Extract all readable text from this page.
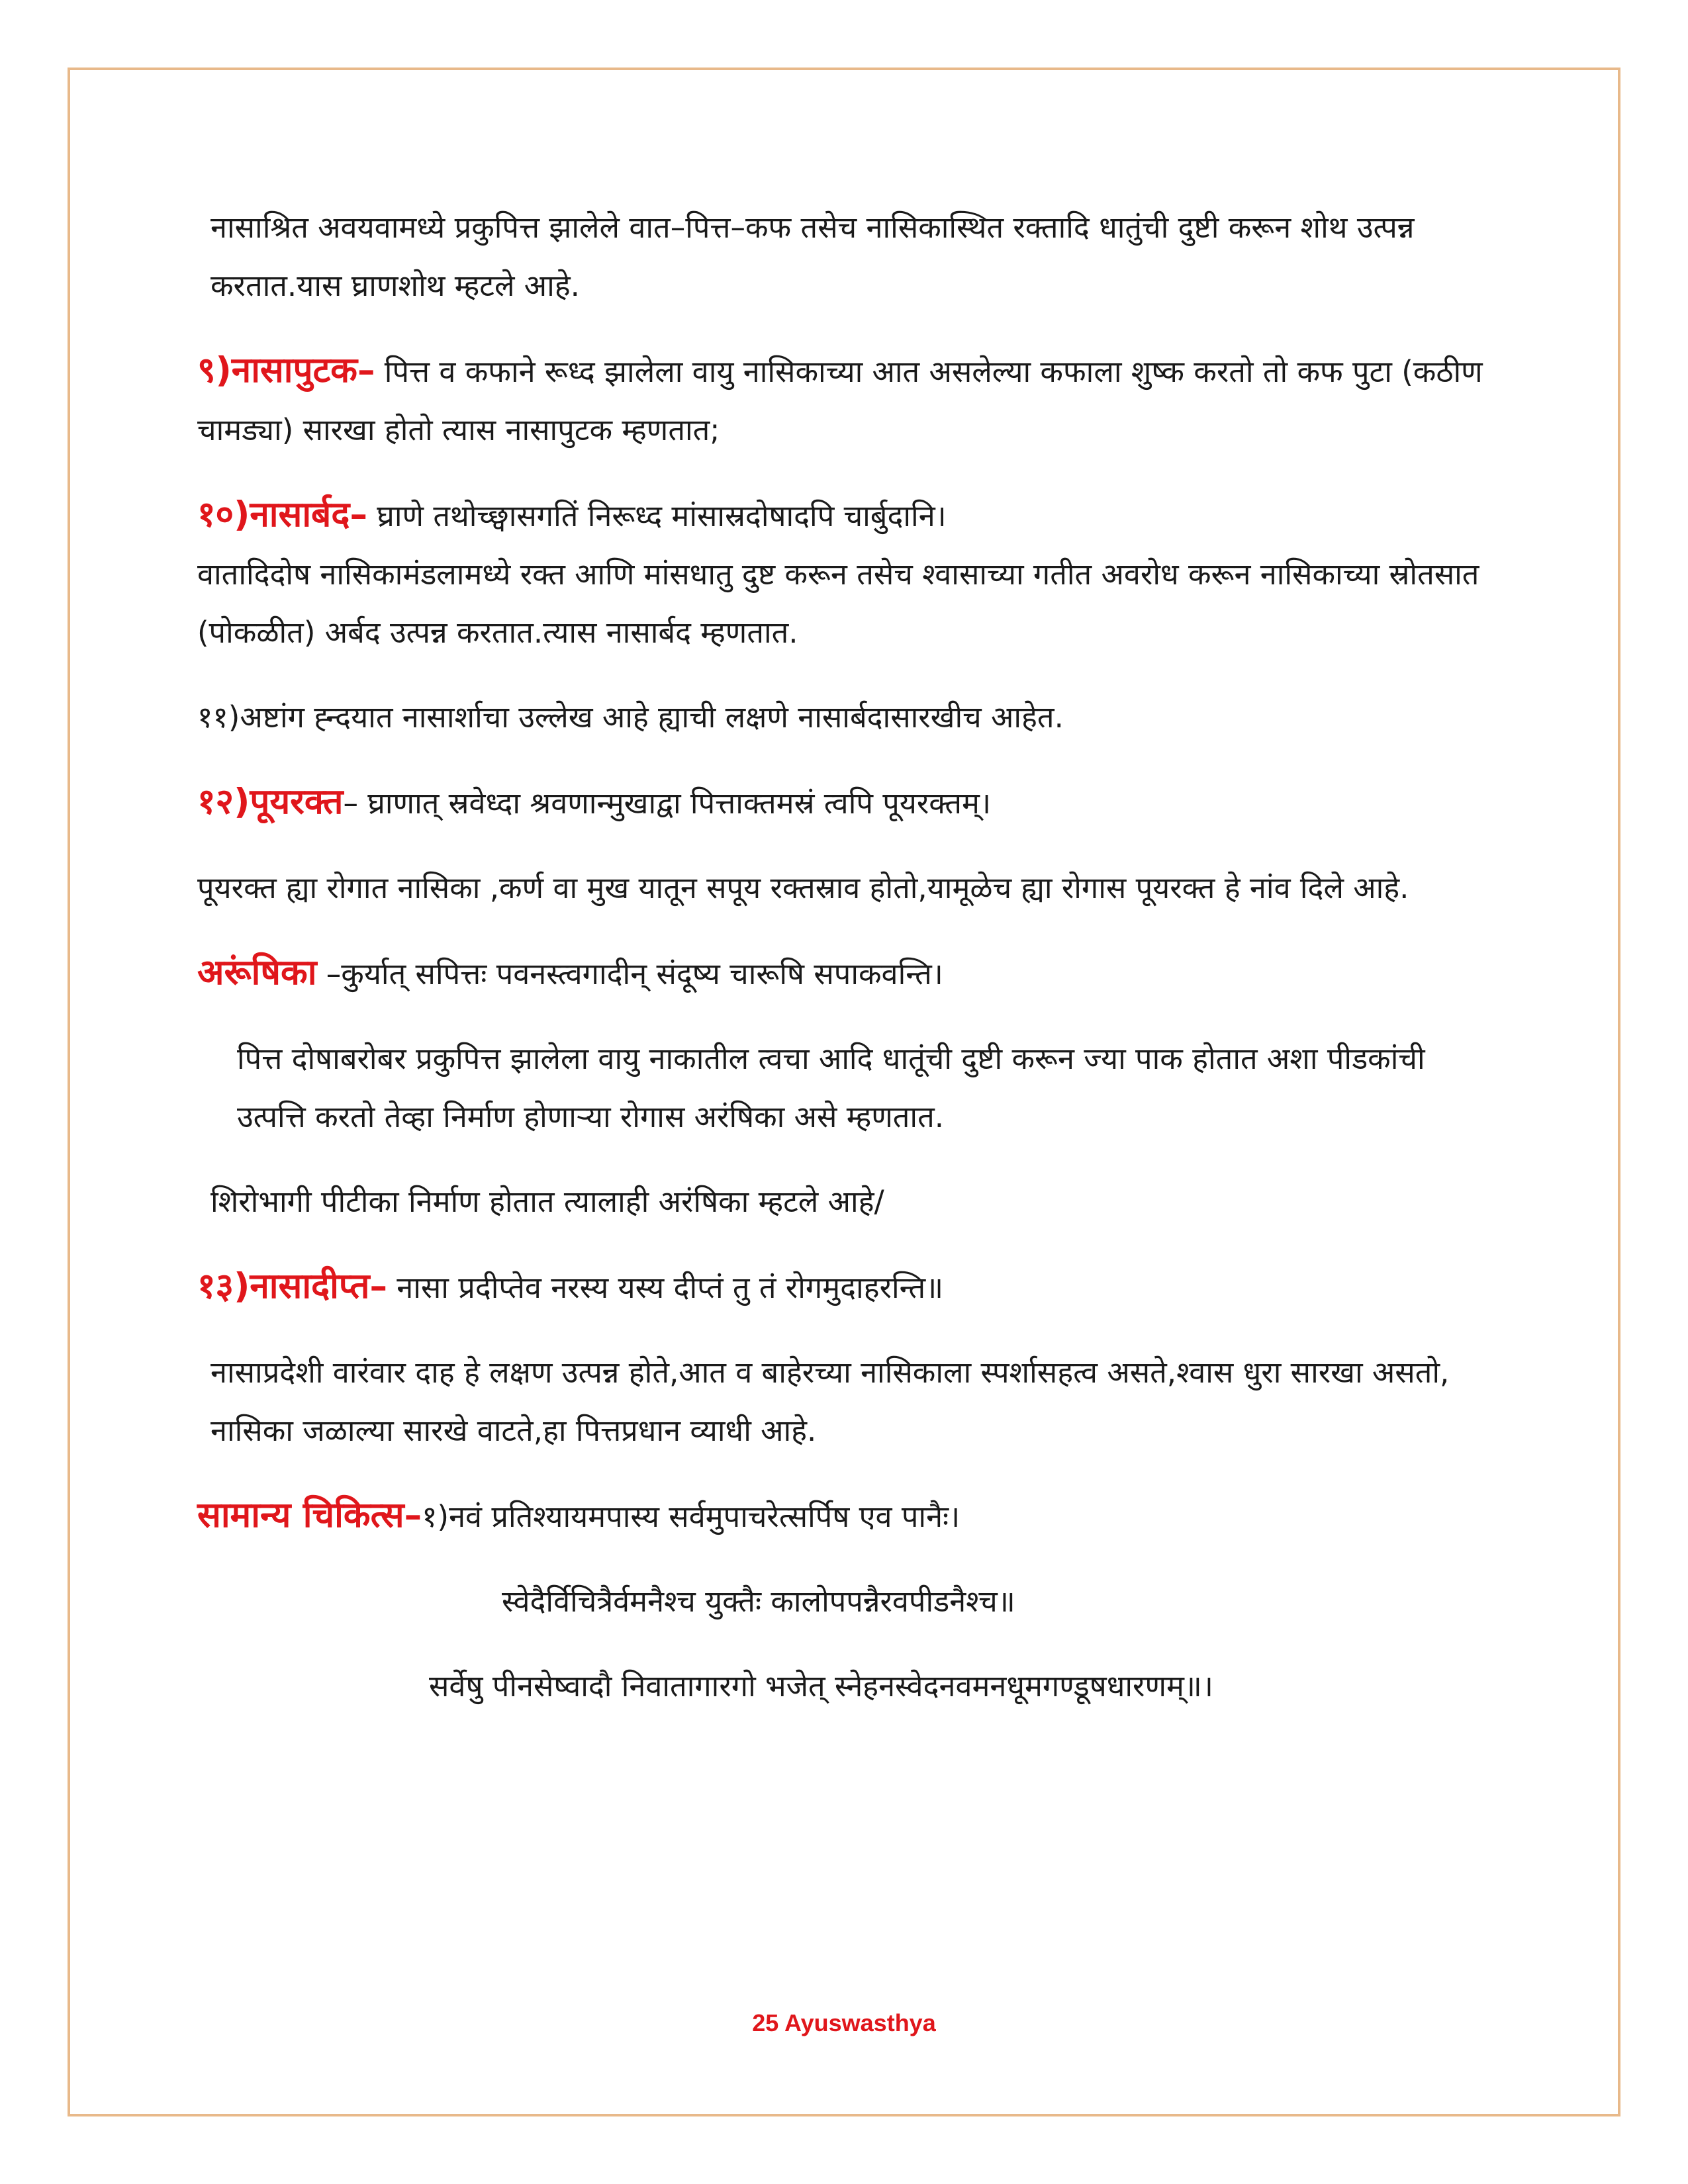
नासाश्रित अवयवामध्ये प्रकुपित्त झालेले वात–पित्त–कफ तसेच नासिकास्थित रक्तादि धातुंची दुष्टी करून शोथ उत्पन्न करतात.यास घ्राणशोथ म्हटले आहे.

९)नासापुटक– पित्त व कफाने रूध्द झालेला वायु नासिकाच्या आत असलेल्या कफाला शुष्क करतो तो कफ पुटा (कठीण चामड्या) सारखा होतो त्यास नासापुटक म्हणतात;

१०)नासार्बद– घ्राणे तथोच्छ्वासगतिं निरूध्द मांसास्रदोषादपि चार्बुदानि।
वातादिदोष नासिकामंडलामध्ये रक्त आणि मांसधातु दुष्ट करून तसेच श्वासाच्या गतीत अवरोध करून नासिकाच्या स्रोतसात (पोकळीत) अर्बद उत्पन्न करतात.त्यास नासार्बद म्हणतात.

११)अष्टांग ह्न्दयात नासार्शाचा उल्लेख आहे ह्याची लक्षणे नासार्बदासारखीच आहेत.

१२)पूयरक्त– घ्राणात् स्रवेध्दा श्रवणान्मुखाद्वा पित्ताक्तमस्रं त्वपि पूयरक्तम्।

पूयरक्त ह्या रोगात नासिका ,कर्ण वा मुख यातून सपूय रक्तस्राव होतो,यामूळेच ह्या रोगास पूयरक्त हे नांव दिले आहे.

अरूंषिका –कुर्यात् सपित्तः पवनस्त्वगादीन् संदूष्य चारूषि सपाकवन्ति।

पित्त दोषाबरोबर प्रकुपित्त झालेला वायु नाकातील त्वचा आदि धातूंची दुष्टी करून ज्या पाक होतात अशा पीडकांची उत्पत्ति करतो तेव्हा निर्माण होणाऱ्या रोगास अरंषिका असे म्हणतात.

शिरोभागी पीटीका निर्माण होतात त्यालाही अरंषिका म्हटले आहे/

१३)नासादीप्त– नासा प्रदीप्तेव नरस्य यस्य दीप्तं तु तं रोगमुदाहरन्ति॥

नासाप्रदेशी वारंवार दाह हे लक्षण उत्पन्न होते,आत व बाहेरच्या नासिकाला स्पर्शासहत्व असते,श्वास धुरा सारखा असतो, नासिका जळाल्या सारखे वाटते,हा पित्तप्रधान व्याधी आहे.

सामान्य चिकित्स–१)नवं प्रतिश्यायमपास्य सर्वमुपाचरेत्सर्पिष एव पानैः।

स्वेदैर्विचित्रैर्वमनैश्च युक्तैः कालोपपन्नैरवपीडनैश्च॥

सर्वेषु पीनसेष्वादौ निवातागारगो भजेत् स्नेहनस्वेदनवमनधूमगण्डूषधारणम्॥।

25 Ayuswasthya
